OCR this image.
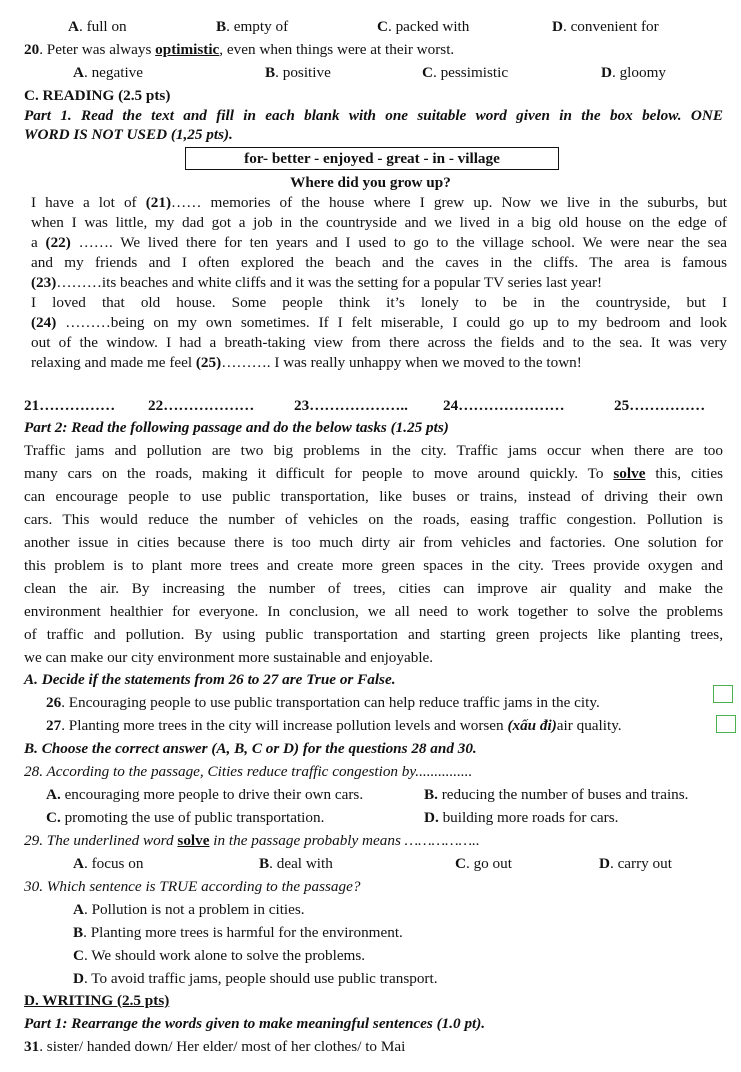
A. full on	B. empty of	C. packed with	D. convenient for
20. Peter was always optimistic, even when things were at their worst.
A. negative	B. positive	C. pessimistic	D. gloomy
C. READING (2.5 pts)
Part 1. Read the text and fill in each blank with one suitable word given in the box below. ONE
WORD IS NOT USED (1,25 pts).
for- better - enjoyed - great - in - village
Where did you grow up?
I have a lot of (21)…… memories of the house where I grew up. Now we live in the suburbs, but
when I was little, my dad got a job in the countryside and we lived in a big old house on the edge of
a (22) ……. We lived there for ten years and I used to go to the village school. We were near the sea
and my friends and I often explored the beach and the caves in the cliffs. The area is famous
(23)………its beaches and white cliffs and it was the setting for a popular TV series last year!
I loved that old house. Some people think it’s lonely to be in the countryside, but I
(24) ………being on my own sometimes. If I felt miserable, I could go up to my bedroom and look
out of the window. I had a breath-taking view from there across the fields and to the sea. It was very
relaxing and made me feel (25)………. I was really unhappy when we moved to the town!
21…………… 22………………	23……………….. 24…………………	25……………
Part 2: Read the following passage and do the below tasks (1.25 pts)
Traffic jams and pollution are two big problems in the city. Traffic jams occur when there are too
many cars on the roads, making it difficult for people to move around quickly. To solve this, cities
can encourage people to use public transportation, like buses or trains, instead of driving their own
cars. This would reduce the number of vehicles on the roads, easing traffic congestion. Pollution is
another issue in cities because there is too much dirty air from vehicles and factories. One solution for
this problem is to plant more trees and create more green spaces in the city. Trees provide oxygen and
clean the air. By increasing the number of trees, cities can improve air quality and make the
environment healthier for everyone. In conclusion, we all need to work together to solve the problems
of traffic and pollution. By using public transportation and starting green projects like planting trees,
we can make our city environment more sustainable and enjoyable.
A. Decide if the statements from 26 to 27 are True or False.
26. Encouraging people to use public transportation can help reduce traffic jams in the city.
27. Planting more trees in the city will increase pollution levels and worsen (xấu đi)air quality.
B. Choose the correct answer (A, B, C or D) for the questions 28 and 30.
28. According to the passage, Cities reduce traffic congestion by...............
A. encouraging more people to drive their own cars.	B. reducing the number of buses and trains.
C. promoting the use of public transportation.	D. building more roads for cars.
29. The underlined word solve in the passage probably means ……………..
A. focus on	B. deal with	C. go out	D. carry out
30. Which sentence is TRUE according to the passage?
A. Pollution is not a problem in cities.
B. Planting more trees is harmful for the environment.
C. We should work alone to solve the problems.
D. To avoid traffic jams, people should use public transport.
D. WRITING (2.5 pts)
Part 1: Rearrange the words given to make meaningful sentences (1.0 pt).
31. sister/ handed down/ Her elder/ most of her clothes/ to Mai
